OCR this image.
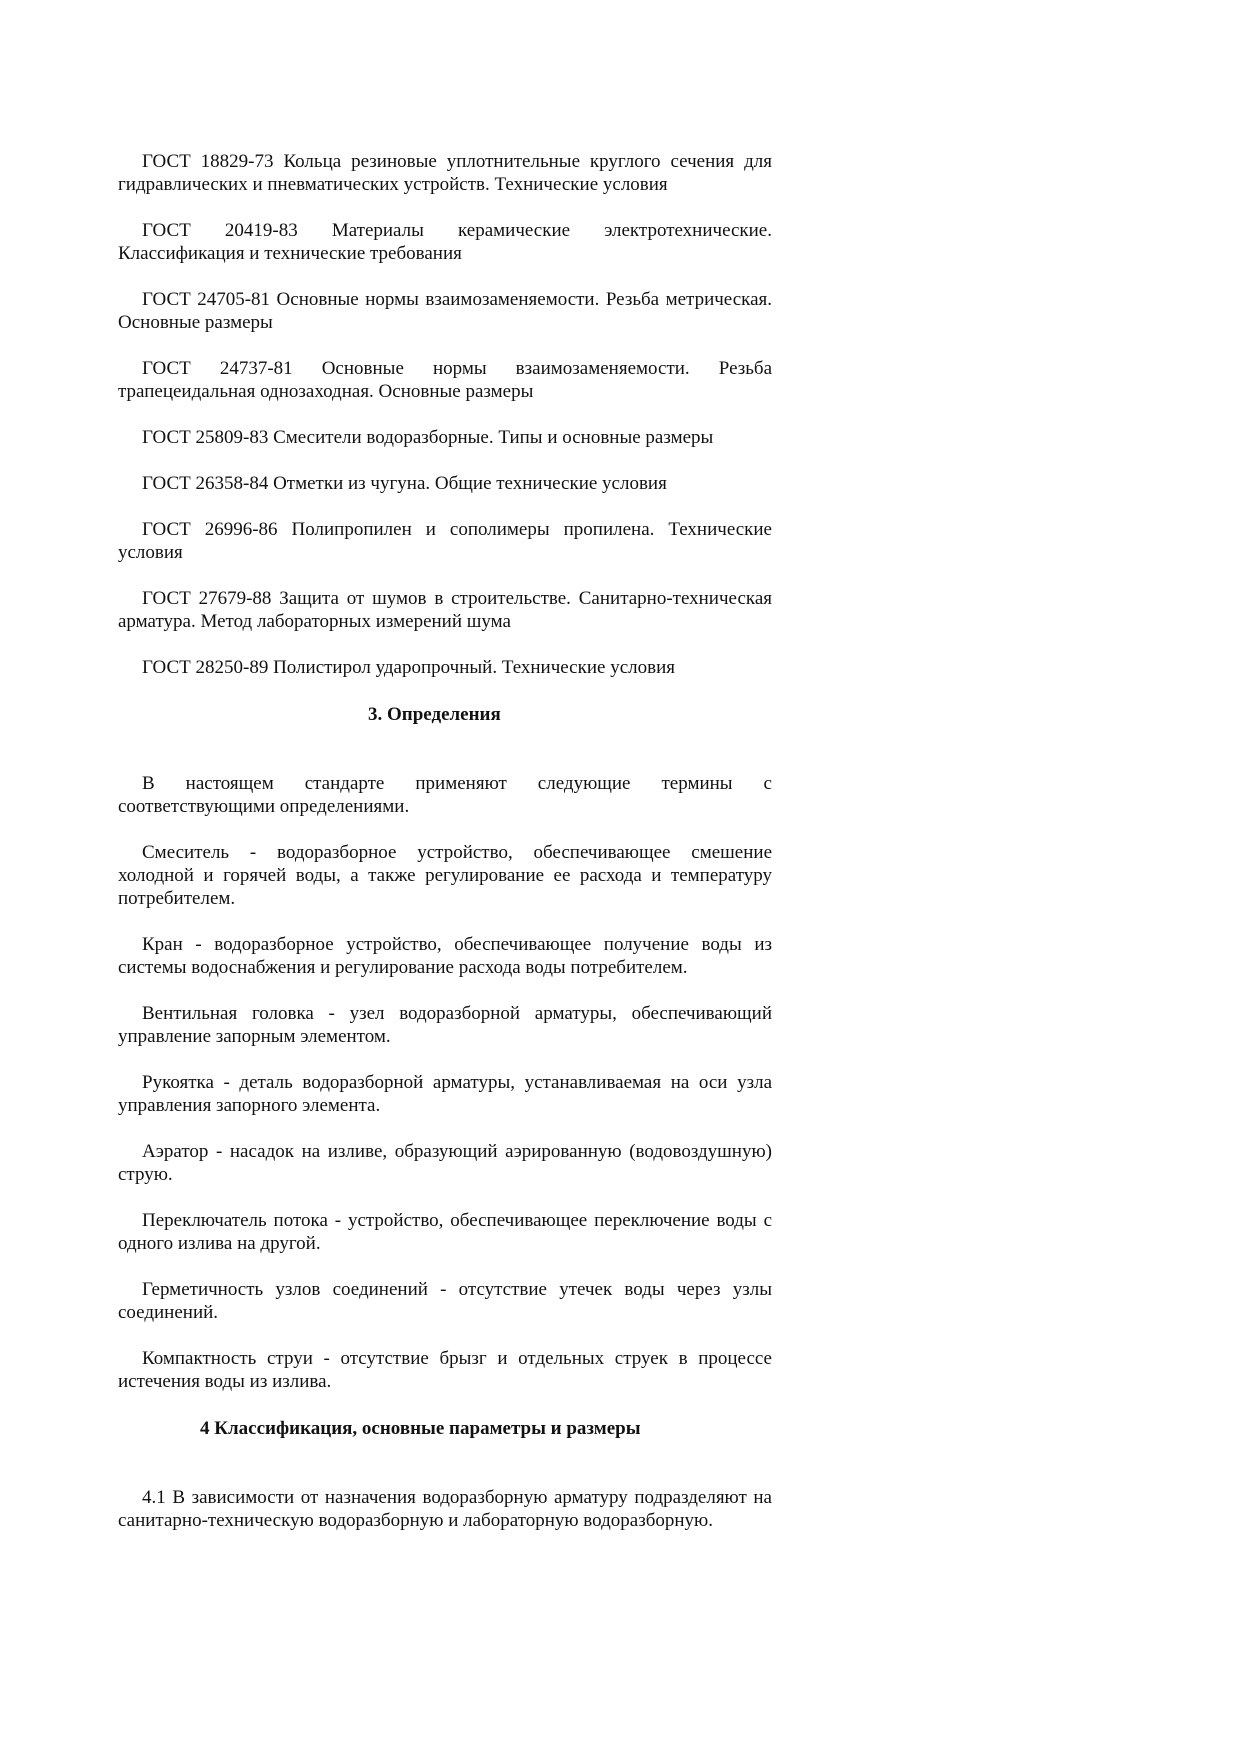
ГОСТ 18829-73 Кольца резиновые уплотнительные круглого сечения для гидравлических и пневматических устройств. Технические условия

ГОСТ 20419-83 Материалы керамические электротехнические. Классификация и технические требования

ГОСТ 24705-81 Основные нормы взаимозаменяемости. Резьба метрическая. Основные размеры

ГОСТ 24737-81 Основные нормы взаимозаменяемости. Резьба трапецеидальная однозаходная. Основные размеры

ГОСТ 25809-83 Смесители водоразборные. Типы и основные размеры

ГОСТ 26358-84 Отметки из чугуна. Общие технические условия

ГОСТ 26996-86 Полипропилен и сополимеры пропилена. Технические условия

ГОСТ 27679-88 Защита от шумов в строительстве. Санитарно-техническая арматура. Метод лабораторных измерений шума

ГОСТ 28250-89 Полистирол ударопрочный. Технические условия

3. Определения

В настоящем стандарте применяют следующие термины с соответствующими определениями.

Смеситель - водоразборное устройство, обеспечивающее смешение холодной и горячей воды, а также регулирование ее расхода и температуру потребителем.

Кран - водоразборное устройство, обеспечивающее получение воды из системы водоснабжения и регулирование расхода воды потребителем.

Вентильная головка - узел водоразборной арматуры, обеспечивающий управление запорным элементом.

Рукоятка - деталь водоразборной арматуры, устанавливаемая на оси узла управления запорного элемента.

Аэратор - насадок на изливе, образующий аэрированную (водовоздушную) струю.

Переключатель потока - устройство, обеспечивающее переключение воды с одного излива на другой.

Герметичность узлов соединений - отсутствие утечек воды через узлы соединений.

Компактность струи - отсутствие брызг и отдельных струек в процессе истечения воды из излива.

4 Классификация, основные параметры и размеры

4.1 В зависимости от назначения водоразборную арматуру подразделяют на санитарно-техническую водоразборную и лабораторную водоразборную.
